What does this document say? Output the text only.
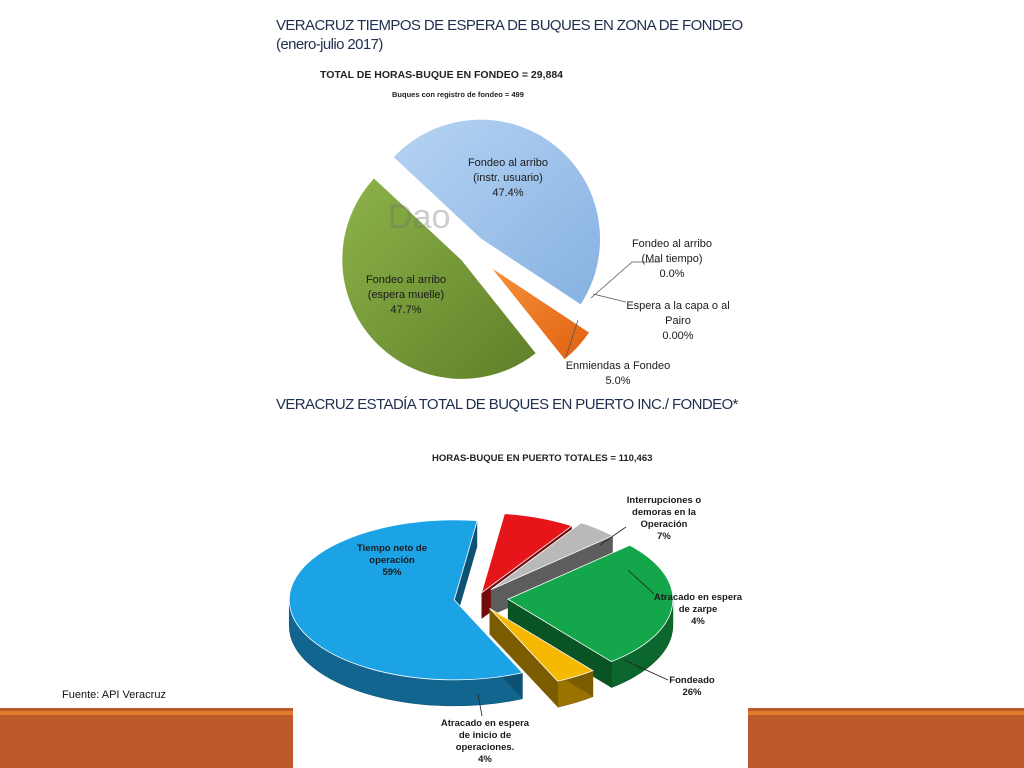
VERACRUZ TIEMPOS DE ESPERA DE BUQUES EN ZONA DE FONDEO
(enero-julio 2017)
VERACRUZ ESTADÍA TOTAL DE BUQUES EN PUERTO INC./ FONDEO*
TOTAL DE HORAS-BUQUE EN FONDEO = 29,884
Buques con registro de fondeo = 499
HORAS-BUQUE EN PUERTO TOTALES = 110,463
Fuente: API Veracruz
Dao
Fondeo al arribo (instr. usuario) 47.4%
Fondeo al arribo (espera muelle) 47.7%
Fondeo al arribo (Mal tiempo) 0.0%
Espera a la capa o al Pairo 0.00%
Enmiendas a Fondeo 5.0%
Tiempo neto de operación 59%
Interrupciones o demoras en la Operación 7%
Atracado en espera de zarpe 4%
Fondeado 26%
Atracado en espera de inicio de operaciones. 4%
